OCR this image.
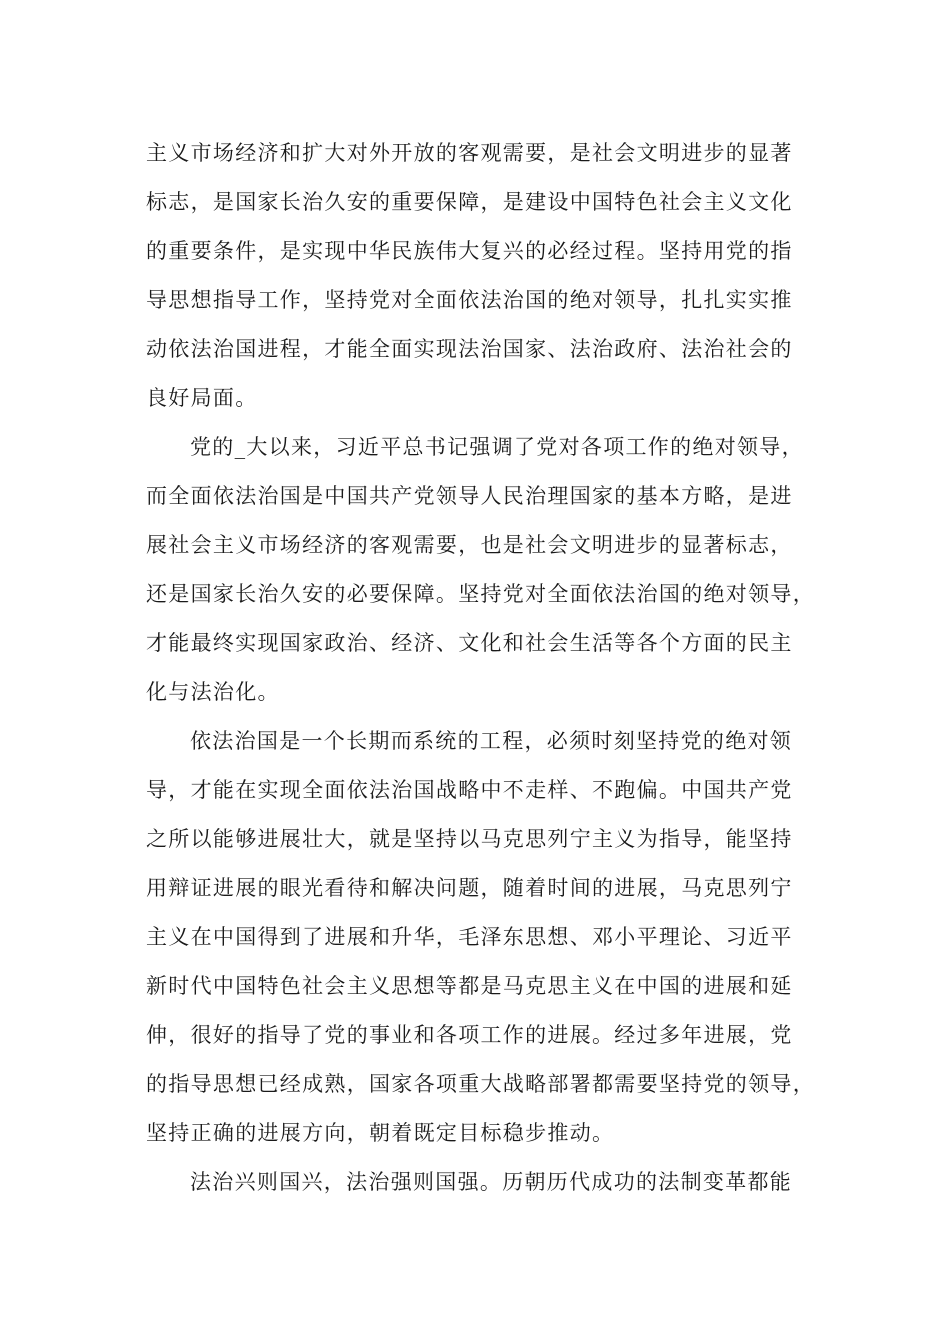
主义市场经济和扩大对外开放的客观需要，是社会文明进步的显著
标志，是国家长治久安的重要保障，是建设中国特色社会主义文化
的重要条件，是实现中华民族伟大复兴的必经过程。坚持用党的指
导思想指导工作，坚持党对全面依法治国的绝对领导，扎扎实实推
动依法治国进程，才能全面实现法治国家、法治政府、法治社会的
良好局面。
党的_大以来，习近平总书记强调了党对各项工作的绝对领导，
而全面依法治国是中国共产党领导人民治理国家的基本方略，是进
展社会主义市场经济的客观需要，也是社会文明进步的显著标志，
还是国家长治久安的必要保障。坚持党对全面依法治国的绝对领导，
才能最终实现国家政治、经济、文化和社会生活等各个方面的民主
化与法治化。
依法治国是一个长期而系统的工程，必须时刻坚持党的绝对领
导，才能在实现全面依法治国战略中不走样、不跑偏。中国共产党
之所以能够进展壮大，就是坚持以马克思列宁主义为指导，能坚持
用辩证进展的眼光看待和解决问题，随着时间的进展，马克思列宁
主义在中国得到了进展和升华，毛泽东思想、邓小平理论、习近平
新时代中国特色社会主义思想等都是马克思主义在中国的进展和延
伸，很好的指导了党的事业和各项工作的进展。经过多年进展，党
的指导思想已经成熟，国家各项重大战略部署都需要坚持党的领导，
坚持正确的进展方向，朝着既定目标稳步推动。
法治兴则国兴，法治强则国强。历朝历代成功的法制变革都能
